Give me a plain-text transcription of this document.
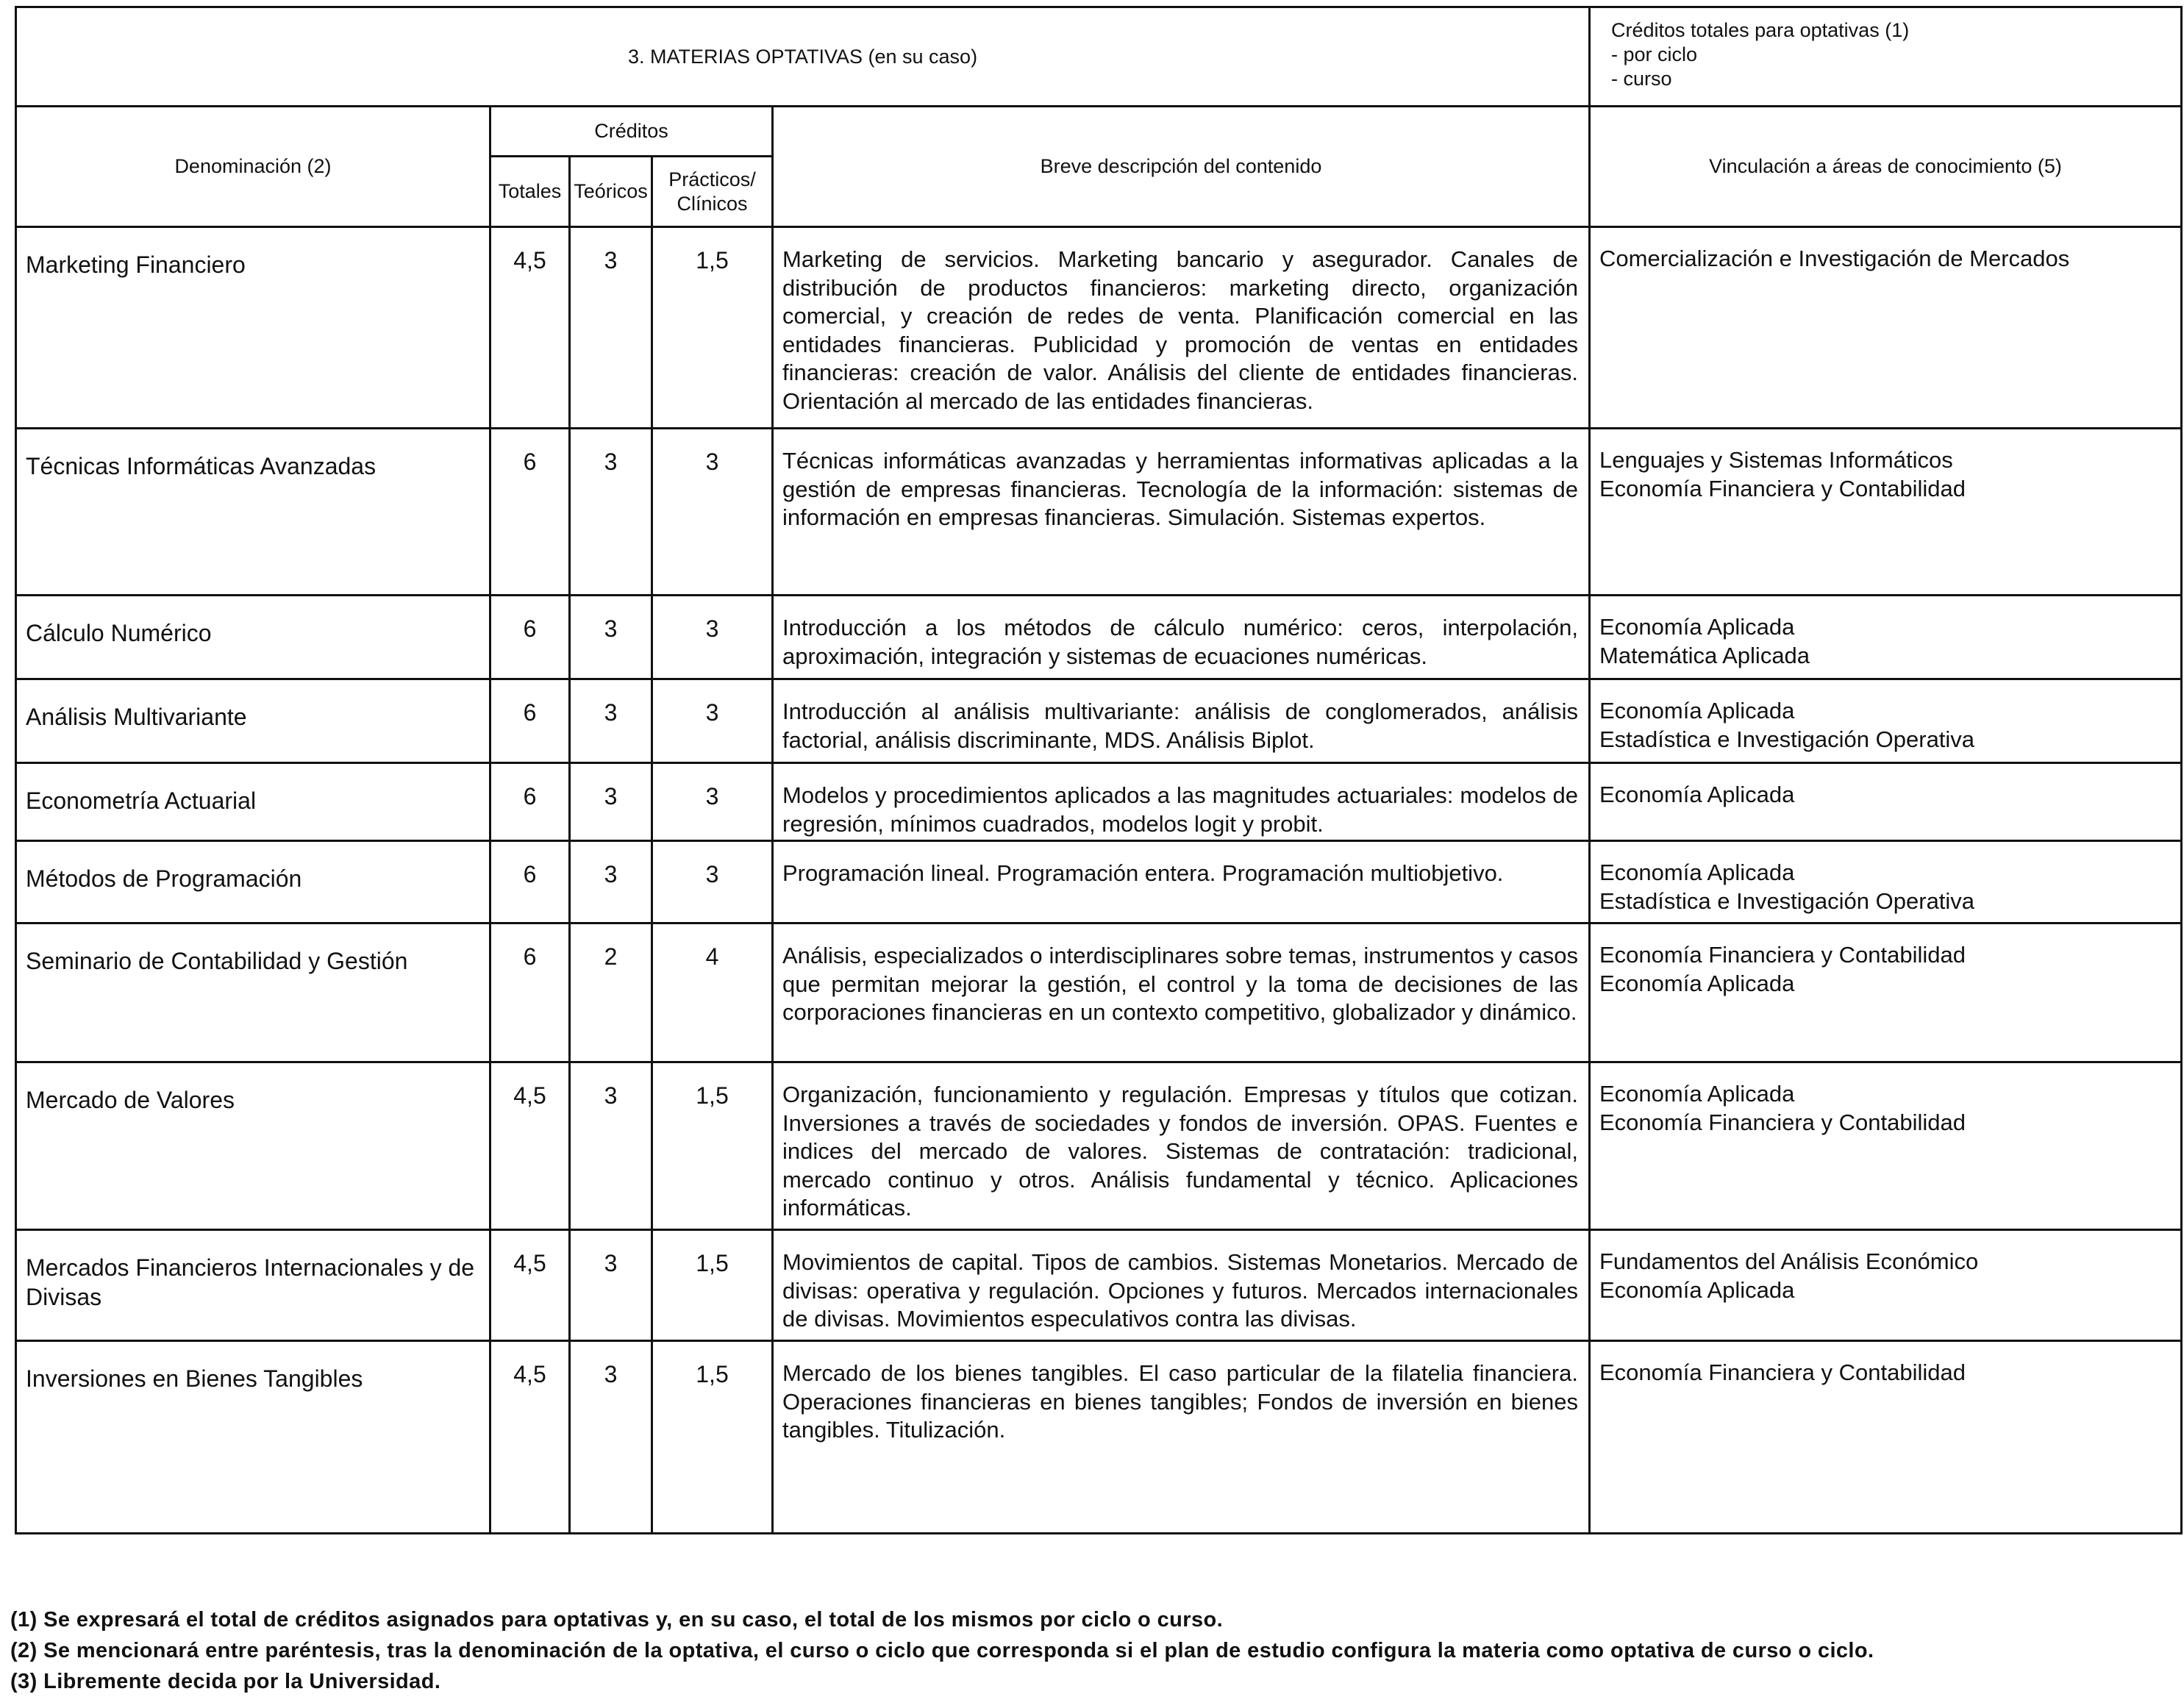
3. MATERIAS OPTATIVAS (en su caso)					Créditos totales para optativas (1)
- por ciclo
- curso

Denominación (2)	Créditos			Breve descripción del contenido	Vinculación a áreas de conocimiento (5)
	Totales	Teóricos	Prácticos/ Clínicos		
Marketing Financiero	4,5	3	1,5	Marketing de servicios. Marketing bancario y asegurador. Canales de distribución de productos financieros: marketing directo, organización comercial, y creación de redes de venta. Planificación comercial en las entidades financieras. Publicidad y promoción de ventas en entidades financieras: creación de valor. Análisis del cliente de entidades financieras. Orientación al mercado de las entidades financieras.	Comercialización e Investigación de Mercados

Técnicas Informáticas Avanzadas	6	3	3	Técnicas informáticas avanzadas y herramientas informativas aplicadas a la gestión de empresas financieras. Tecnología de la información: sistemas de información en empresas financieras. Simulación. Sistemas expertos.	Lenguajes y Sistemas Informáticos
Economía Financiera y Contabilidad

Cálculo Numérico	6	3	3	Introducción a los métodos de cálculo numérico: ceros, interpolación, aproximación, integración y sistemas de ecuaciones numéricas.	Economía Aplicada
Matemática Aplicada

Análisis Multivariante	6	3	3	Introducción al análisis multivariante: análisis de conglomerados, análisis factorial, análisis discriminante, MDS. Análisis Biplot.	Economía Aplicada
Estadística e Investigación Operativa

Econometría Actuarial	6	3	3	Modelos y procedimientos aplicados a las magnitudes actuariales: modelos de regresión, mínimos cuadrados, modelos logit y probit.	Economía Aplicada

Métodos de Programación	6	3	3	Programación lineal. Programación entera. Programación multiobjetivo.	Economía Aplicada
Estadística e Investigación Operativa

Seminario de Contabilidad y Gestión	6	2	4	Análisis, especializados o interdisciplinares sobre temas, instrumentos y casos que permitan mejorar la gestión, el control y la toma de decisiones de las corporaciones financieras en un contexto competitivo, globalizador y dinámico.	Economía Financiera y Contabilidad
Economía Aplicada

Mercado de Valores	4,5	3	1,5	Organización, funcionamiento y regulación. Empresas y títulos que cotizan. Inversiones a través de sociedades y fondos de inversión. OPAS. Fuentes e indices del mercado de valores. Sistemas de contratación: tradicional, mercado continuo y otros. Análisis fundamental y técnico. Aplicaciones informáticas.	Economía Aplicada
Economía Financiera y Contabilidad

Mercados Financieros Internacionales y de Divisas	4,5	3	1,5	Movimientos de capital. Tipos de cambios. Sistemas Monetarios. Mercado de divisas: operativa y regulación. Opciones y futuros. Mercados internacionales de divisas. Movimientos especulativos contra las divisas.	Fundamentos del Análisis Económico
Economía Aplicada

Inversiones en Bienes Tangibles	4,5	3	1,5	Mercado de los bienes tangibles. El caso particular de la filatelia financiera. Operaciones financieras en bienes tangibles; Fondos de inversión en bienes tangibles. Titulización.	Economía Financiera y Contabilidad
(1) Se expresará el total de créditos asignados para optativas y, en su caso, el total de los mismos por ciclo o curso.
(2) Se mencionará entre paréntesis, tras la denominación de la optativa, el curso o ciclo que corresponda si el plan de estudio configura la materia como optativa de curso o ciclo.
(3) Libremente decida por la Universidad.
